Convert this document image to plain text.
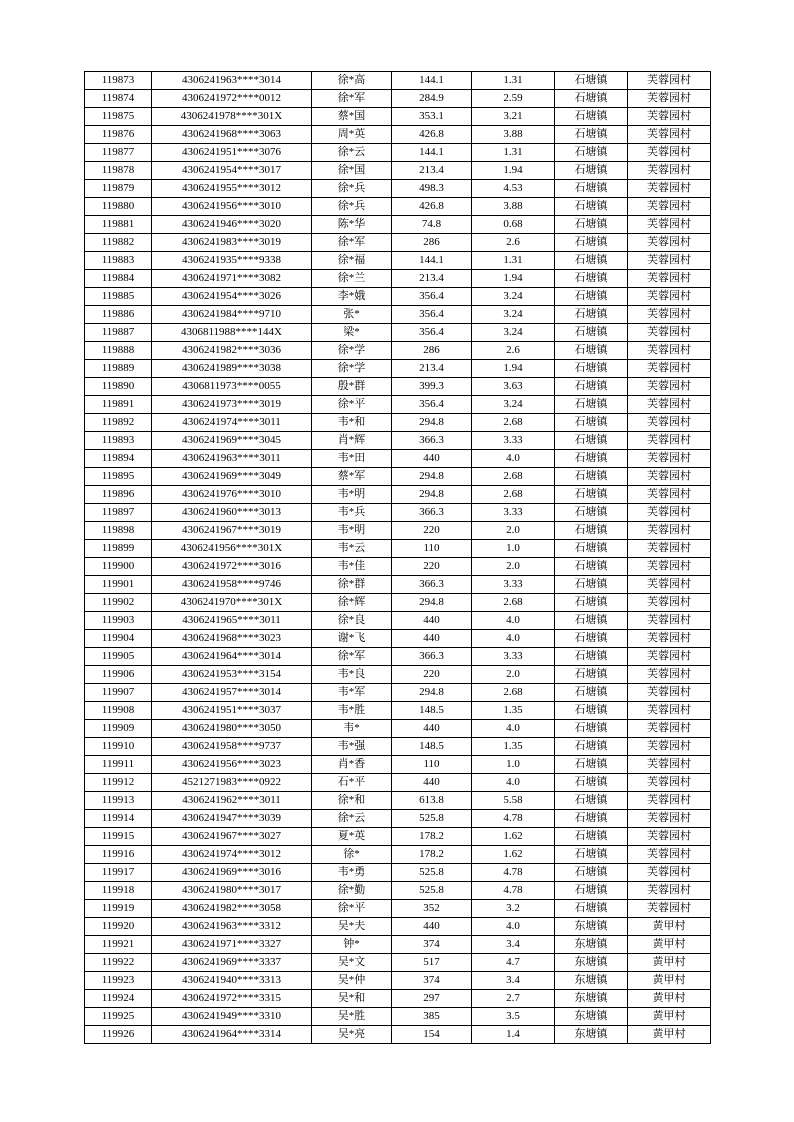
119873	4306241963****3014	徐*高	144.1	1.31	石塘镇	芙蓉园村
119874	4306241972****0012	徐*军	284.9	2.59	石塘镇	芙蓉园村
119875	4306241978****301X	蔡*国	353.1	3.21	石塘镇	芙蓉园村
119876	4306241968****3063	周*英	426.8	3.88	石塘镇	芙蓉园村
119877	4306241951****3076	徐*云	144.1	1.31	石塘镇	芙蓉园村
119878	4306241954****3017	徐*国	213.4	1.94	石塘镇	芙蓉园村
119879	4306241955****3012	徐*兵	498.3	4.53	石塘镇	芙蓉园村
119880	4306241956****3010	徐*兵	426.8	3.88	石塘镇	芙蓉园村
119881	4306241946****3020	陈*华	74.8	0.68	石塘镇	芙蓉园村
119882	4306241983****3019	徐*军	286	2.6	石塘镇	芙蓉园村
119883	4306241935****9338	徐*福	144.1	1.31	石塘镇	芙蓉园村
119884	4306241971****3082	徐*兰	213.4	1.94	石塘镇	芙蓉园村
119885	4306241954****3026	李*娥	356.4	3.24	石塘镇	芙蓉园村
119886	4306241984****9710	张*	356.4	3.24	石塘镇	芙蓉园村
119887	4306811988****144X	梁*	356.4	3.24	石塘镇	芙蓉园村
119888	4306241982****3036	徐*学	286	2.6	石塘镇	芙蓉园村
119889	4306241989****3038	徐*学	213.4	1.94	石塘镇	芙蓉园村
119890	4306811973****0055	殷*群	399.3	3.63	石塘镇	芙蓉园村
119891	4306241973****3019	徐*平	356.4	3.24	石塘镇	芙蓉园村
119892	4306241974****3011	韦*和	294.8	2.68	石塘镇	芙蓉园村
119893	4306241969****3045	肖*辉	366.3	3.33	石塘镇	芙蓉园村
119894	4306241963****3011	韦*田	440	4.0	石塘镇	芙蓉园村
119895	4306241969****3049	蔡*军	294.8	2.68	石塘镇	芙蓉园村
119896	4306241976****3010	韦*明	294.8	2.68	石塘镇	芙蓉园村
119897	4306241960****3013	韦*兵	366.3	3.33	石塘镇	芙蓉园村
119898	4306241967****3019	韦*明	220	2.0	石塘镇	芙蓉园村
119899	4306241956****301X	韦*云	110	1.0	石塘镇	芙蓉园村
119900	4306241972****3016	韦*佳	220	2.0	石塘镇	芙蓉园村
119901	4306241958****9746	徐*群	366.3	3.33	石塘镇	芙蓉园村
119902	4306241970****301X	徐*辉	294.8	2.68	石塘镇	芙蓉园村
119903	4306241965****3011	徐*良	440	4.0	石塘镇	芙蓉园村
119904	4306241968****3023	谢*飞	440	4.0	石塘镇	芙蓉园村
119905	4306241964****3014	徐*军	366.3	3.33	石塘镇	芙蓉园村
119906	4306241953****3154	韦*良	220	2.0	石塘镇	芙蓉园村
119907	4306241957****3014	韦*军	294.8	2.68	石塘镇	芙蓉园村
119908	4306241951****3037	韦*胜	148.5	1.35	石塘镇	芙蓉园村
119909	4306241980****3050	韦*	440	4.0	石塘镇	芙蓉园村
119910	4306241958****9737	韦*强	148.5	1.35	石塘镇	芙蓉园村
119911	4306241956****3023	肖*香	110	1.0	石塘镇	芙蓉园村
119912	4521271983****0922	石*平	440	4.0	石塘镇	芙蓉园村
119913	4306241962****3011	徐*和	613.8	5.58	石塘镇	芙蓉园村
119914	4306241947****3039	徐*云	525.8	4.78	石塘镇	芙蓉园村
119915	4306241967****3027	夏*英	178.2	1.62	石塘镇	芙蓉园村
119916	4306241974****3012	徐*	178.2	1.62	石塘镇	芙蓉园村
119917	4306241969****3016	韦*勇	525.8	4.78	石塘镇	芙蓉园村
119918	4306241980****3017	徐*勤	525.8	4.78	石塘镇	芙蓉园村
119919	4306241982****3058	徐*平	352	3.2	石塘镇	芙蓉园村
119920	4306241963****3312	吴*夫	440	4.0	东塘镇	黄甲村
119921	4306241971****3327	钟*	374	3.4	东塘镇	黄甲村
119922	4306241969****3337	吴*文	517	4.7	东塘镇	黄甲村
119923	4306241940****3313	吴*仲	374	3.4	东塘镇	黄甲村
119924	4306241972****3315	吴*和	297	2.7	东塘镇	黄甲村
119925	4306241949****3310	吴*胜	385	3.5	东塘镇	黄甲村
119926	4306241964****3314	吴*亮	154	1.4	东塘镇	黄甲村
